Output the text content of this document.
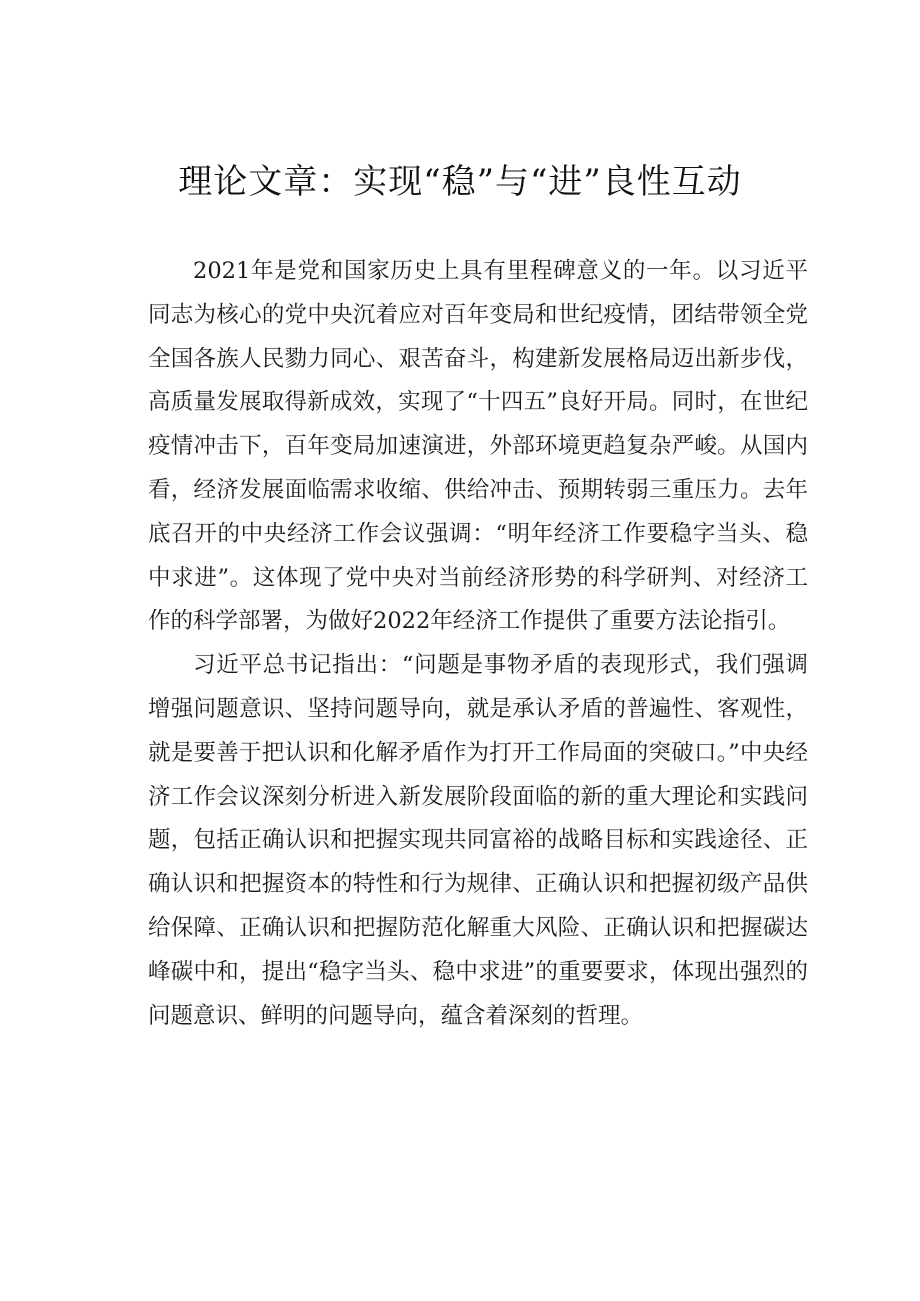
理论文章：实现“稳”与“进”良性互动

2021年是党和国家历史上具有里程碑意义的一年。以习近平同志为核心的党中央沉着应对百年变局和世纪疫情，团结带领全党全国各族人民勠力同心、艰苦奋斗，构建新发展格局迈出新步伐，高质量发展取得新成效，实现了“十四五”良好开局。同时，在世纪疫情冲击下，百年变局加速演进，外部环境更趋复杂严峻。从国内看，经济发展面临需求收缩、供给冲击、预期转弱三重压力。去年底召开的中央经济工作会议强调：“明年经济工作要稳字当头、稳中求进”。这体现了党中央对当前经济形势的科学研判、对经济工作的科学部署，为做好2022年经济工作提供了重要方法论指引。

习近平总书记指出：“问题是事物矛盾的表现形式，我们强调增强问题意识、坚持问题导向，就是承认矛盾的普遍性、客观性，就是要善于把认识和化解矛盾作为打开工作局面的突破口。”中央经济工作会议深刻分析进入新发展阶段面临的新的重大理论和实践问题，包括正确认识和把握实现共同富裕的战略目标和实践途径、正确认识和把握资本的特性和行为规律、正确认识和把握初级产品供给保障、正确认识和把握防范化解重大风险、正确认识和把握碳达峰碳中和，提出“稳字当头、稳中求进”的重要要求，体现出强烈的问题意识、鲜明的问题导向，蕴含着深刻的哲理。
